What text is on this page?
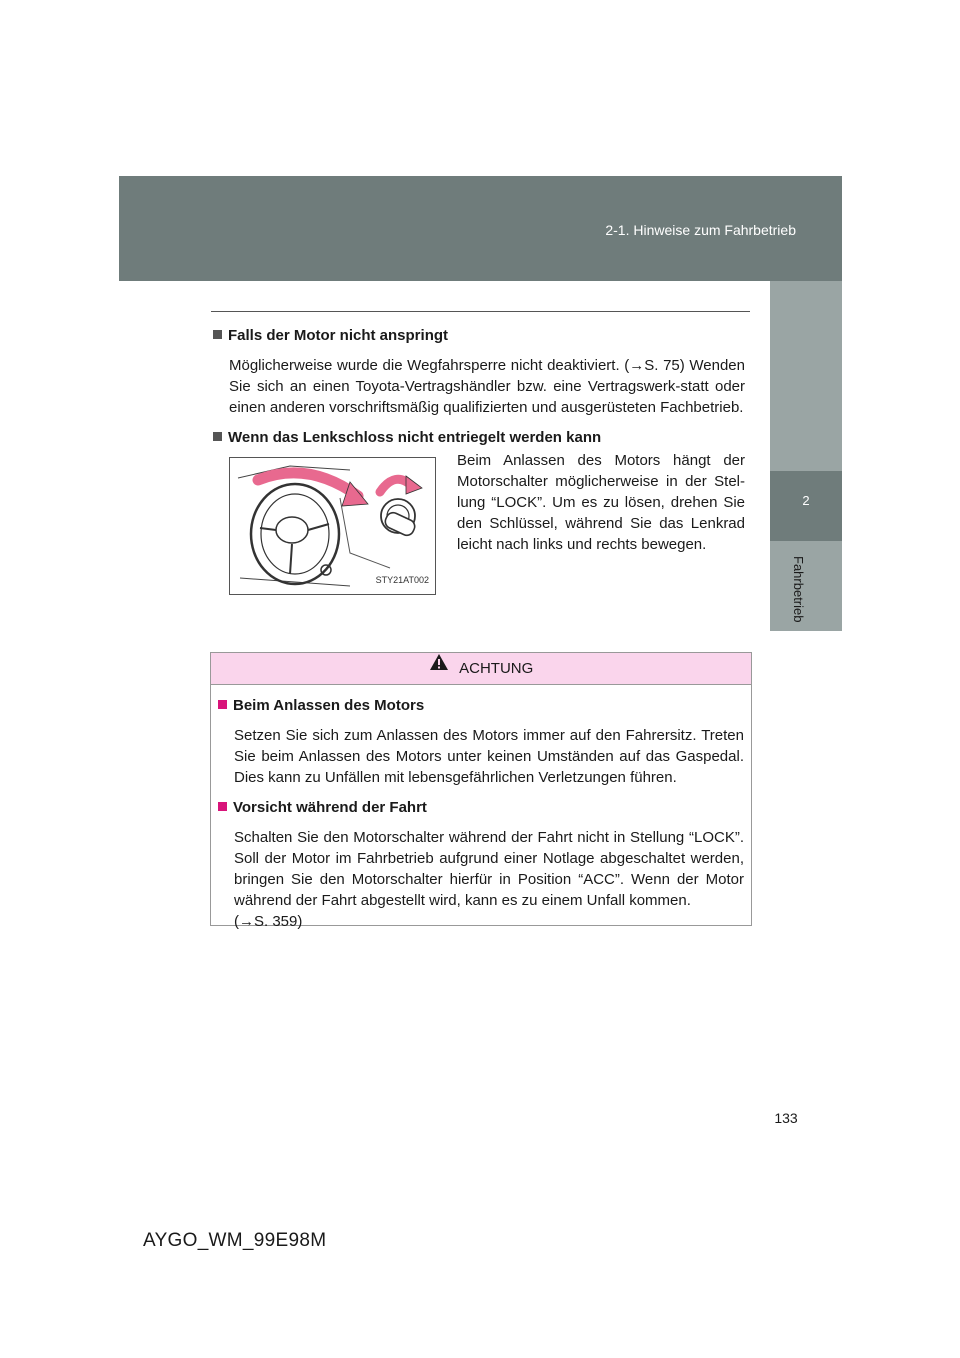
2-1. Hinweise zum Fahrbetrieb
2
Fahrbetrieb
Falls der Motor nicht anspringt
Möglicherweise wurde die Wegfahrsperre nicht deaktiviert. (→S. 75) Wenden Sie sich an einen Toyota-Vertragshändler bzw. eine Vertragswerk-statt oder einen anderen vorschriftsmäßig qualifizierten und ausgerüsteten Fachbetrieb.
Wenn das Lenkschloss nicht entriegelt werden kann
STY21AT002
Beim Anlassen des Motors hängt der Motorschalter möglicherweise in der Stel-lung “LOCK”. Um es zu lösen, drehen Sie den Schlüssel, während Sie das Lenkrad leicht nach links und rechts bewegen.
ACHTUNG
Beim Anlassen des Motors
Setzen Sie sich zum Anlassen des Motors immer auf den Fahrersitz. Treten Sie beim Anlassen des Motors unter keinen Umständen auf das Gaspedal. Dies kann zu Unfällen mit lebensgefährlichen Verletzungen führen.
Vorsicht während der Fahrt
Schalten Sie den Motorschalter während der Fahrt nicht in Stellung “LOCK”. Soll der Motor im Fahrbetrieb aufgrund einer Notlage abgeschaltet werden, bringen Sie den Motorschalter hierfür in Position “ACC”. Wenn der Motor während der Fahrt abgestellt wird, kann es zu einem Unfall kommen.
(→S. 359)
133
AYGO_WM_99E98M
